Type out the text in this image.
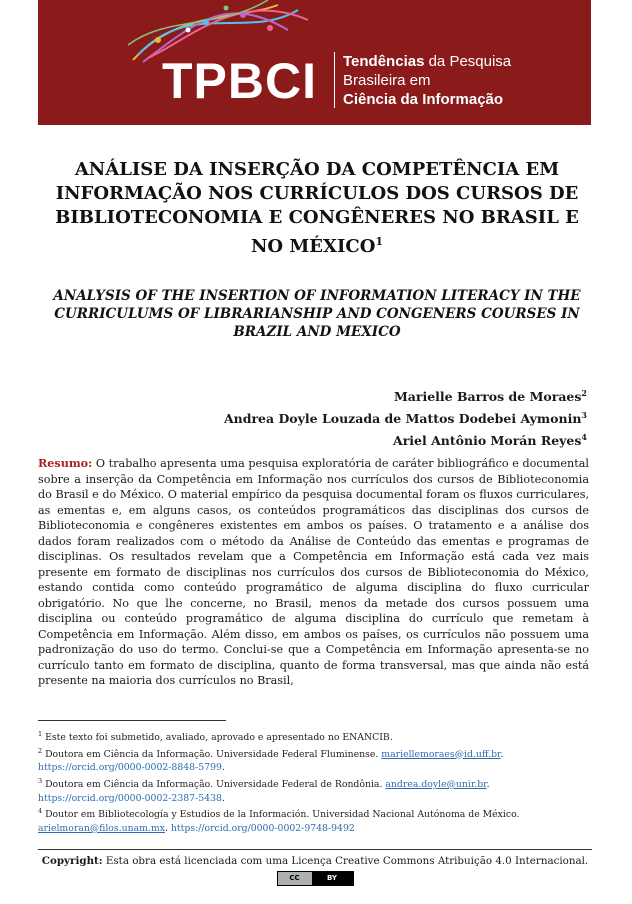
TPBCI Tendências da Pesquisa
Brasileira em
Ciência da Informação
ANÁLISE DA INSERÇÃO DA COMPETÊNCIA EM
INFORMAÇÃO NOS CURRÍCULOS DOS CURSOS DE
BIBLIOTECONOMIA E CONGÊNERES NO BRASIL E
NO MÉXICO$^1$
ANALYSIS OF THE INSERTION OF INFORMATION LITERACY IN THE
CURRICULUMS OF LIBRARIANSHIP AND CONGENERS COURSES IN
BRAZIL AND MEXICO
Marielle Barros de Moraes$^2$
Andrea Doyle Louzada de Mattos Dodebei Aymonin$^3$
Ariel Antônio Morán Reyes$^4$
Resumo: O trabalho apresenta uma pesquisa exploratória de caráter bibliográfico e documental sobre a inserção da Competência em Informação nos currículos dos cursos de Biblioteconomia do Brasil e do México. O material empírico da pesquisa documental foram os fluxos curriculares, as ementas e, em alguns casos, os conteúdos programáticos das disciplinas dos cursos de Biblioteconomia e congêneres existentes em ambos os países. O tratamento e a análise dos dados foram realizados com o método da Análise de Conteúdo das ementas e programas de disciplinas. Os resultados revelam que a Competência em Informação está cada vez mais presente em formato de disciplinas nos currículos dos cursos de Biblioteconomia do México, estando contida como conteúdo programático de alguma disciplina do fluxo curricular obrigatório. No que lhe concerne, no Brasil, menos da metade dos cursos possuem uma disciplina ou conteúdo programático de alguma disciplina do currículo que remetam à Competência em Informação. Além disso, em ambos os países, os currículos não possuem uma padronização do uso do termo. Conclui-se que a Competência em Informação apresenta-se no currículo tanto em formato de disciplina, quanto de forma transversal, mas que ainda não está presente na maioria dos currículos no Brasil,
$^1$ Este texto foi submetido, avaliado, aprovado e apresentado no ENANCIB.
$^2$ Doutora em Ciência da Informação. Universidade Federal Fluminense. mariellemoraes@id.uff.br.
https://orcid.org/0000-0002-8848-5799.
$^3$ Doutora em Ciência da Informação. Universidade Federal de Rondônia. andrea.doyle@unir.br.
https://orcid.org/0000-0002-2387-5438.
$^4$ Doutor em Bibliotecología y Estudios de la Información. Universidad Nacional Autónoma de México. arielmoran@filos.unam.mx. https://orcid.org/0000-0002-9748-9492
Copyright: Esta obra está licenciada com uma Licença Creative Commons Atribuição 4.0 Internacional.
CC	BY
